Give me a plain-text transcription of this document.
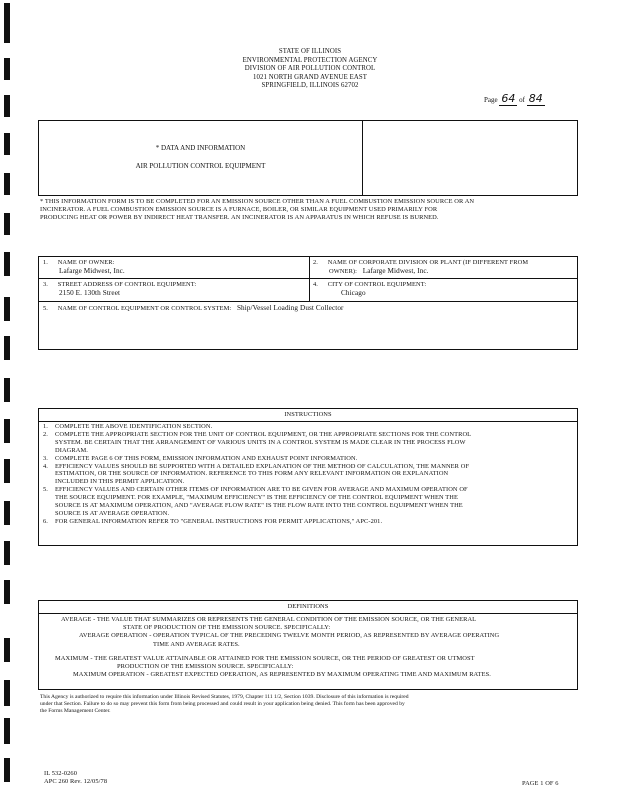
STATE OF ILLINOIS
ENVIRONMENTAL PROTECTION AGENCY
DIVISION OF AIR POLLUTION CONTROL
1021 NORTH GRAND AVENUE EAST
SPRINGFIELD, ILLINOIS 62702
Page 64 of 84
* DATA AND INFORMATION
AIR POLLUTION CONTROL EQUIPMENT
* THIS INFORMATION FORM IS TO BE COMPLETED FOR AN EMISSION SOURCE OTHER THAN A FUEL COMBUSTION EMISSION SOURCE OR AN
INCINERATOR. A FUEL COMBUSTION EMISSION SOURCE IS A FURNACE, BOILER, OR SIMILAR EQUIPMENT USED PRIMARILY FOR
PRODUCING HEAT OR POWER BY INDIRECT HEAT TRANSFER. AN INCINERATOR IS AN APPARATUS IN WHICH REFUSE IS BURNED.
1. NAME OF OWNER:
Lafarge Midwest, Inc.
2. NAME OF CORPORATE DIVISION OR PLANT (IF DIFFERENT FROM
OWNER): Lafarge Midwest, Inc.
3. STREET ADDRESS OF CONTROL EQUIPMENT:
2150 E. 130th Street
4. CITY OF CONTROL EQUIPMENT:
Chicago
5. NAME OF CONTROL EQUIPMENT OR CONTROL SYSTEM: Ship/Vessel Loading Dust Collector
INSTRUCTIONS
1.	COMPLETE THE ABOVE IDENTIFICATION SECTION.
2.	COMPLETE THE APPROPRIATE SECTION FOR THE UNIT OF CONTROL EQUIPMENT, OR THE APPROPRIATE SECTIONS FOR THE CONTROL
SYSTEM. BE CERTAIN THAT THE ARRANGEMENT OF VARIOUS UNITS IN A CONTROL SYSTEM IS MADE CLEAR IN THE PROCESS FLOW
DIAGRAM.
3.	COMPLETE PAGE 6 OF THIS FORM, EMISSION INFORMATION AND EXHAUST POINT INFORMATION.
4.	EFFICIENCY VALUES SHOULD BE SUPPORTED WITH A DETAILED EXPLANATION OF THE METHOD OF CALCULATION, THE MANNER OF
ESTIMATION, OR THE SOURCE OF INFORMATION. REFERENCE TO THIS FORM ANY RELEVANT INFORMATION OR EXPLANATION
INCLUDED IN THIS PERMIT APPLICATION.
5.	EFFICIENCY VALUES AND CERTAIN OTHER ITEMS OF INFORMATION ARE TO BE GIVEN FOR AVERAGE AND MAXIMUM OPERATION OF
THE SOURCE EQUIPMENT. FOR EXAMPLE, "MAXIMUM EFFICIENCY" IS THE EFFICIENCY OF THE CONTROL EQUIPMENT WHEN THE
SOURCE IS AT MAXIMUM OPERATION, AND "AVERAGE FLOW RATE" IS THE FLOW RATE INTO THE CONTROL EQUIPMENT WHEN THE
SOURCE IS AT AVERAGE OPERATION.
6.	FOR GENERAL INFORMATION REFER TO "GENERAL INSTRUCTIONS FOR PERMIT APPLICATIONS," APC-201.
DEFINITIONS
AVERAGE - THE VALUE THAT SUMMARIZES OR REPRESENTS THE GENERAL CONDITION OF THE EMISSION SOURCE, OR THE GENERAL
STATE OF PRODUCTION OF THE EMISSION SOURCE. SPECIFICALLY:
AVERAGE OPERATION - OPERATION TYPICAL OF THE PRECEDING TWELVE MONTH PERIOD, AS REPRESENTED BY AVERAGE OPERATING
TIME AND AVERAGE RATES.
MAXIMUM - THE GREATEST VALUE ATTAINABLE OR ATTAINED FOR THE EMISSION SOURCE, OR THE PERIOD OF GREATEST OR UTMOST
PRODUCTION OF THE EMISSION SOURCE. SPECIFICALLY:
MAXIMUM OPERATION - GREATEST EXPECTED OPERATION, AS REPRESENTED BY MAXIMUM OPERATING TIME AND MAXIMUM RATES.
This Agency is authorized to require this information under Illinois Revised Statutes, 1979, Chapter 111 1/2, Section 1039. Disclosure of this information is required
under that Section. Failure to do so may prevent this form from being processed and could result in your application being denied. This form has been approved by
the Forms Management Center.
IL 532-0260
APC 260 Rev. 12/05/78	PAGE 1 OF 6
